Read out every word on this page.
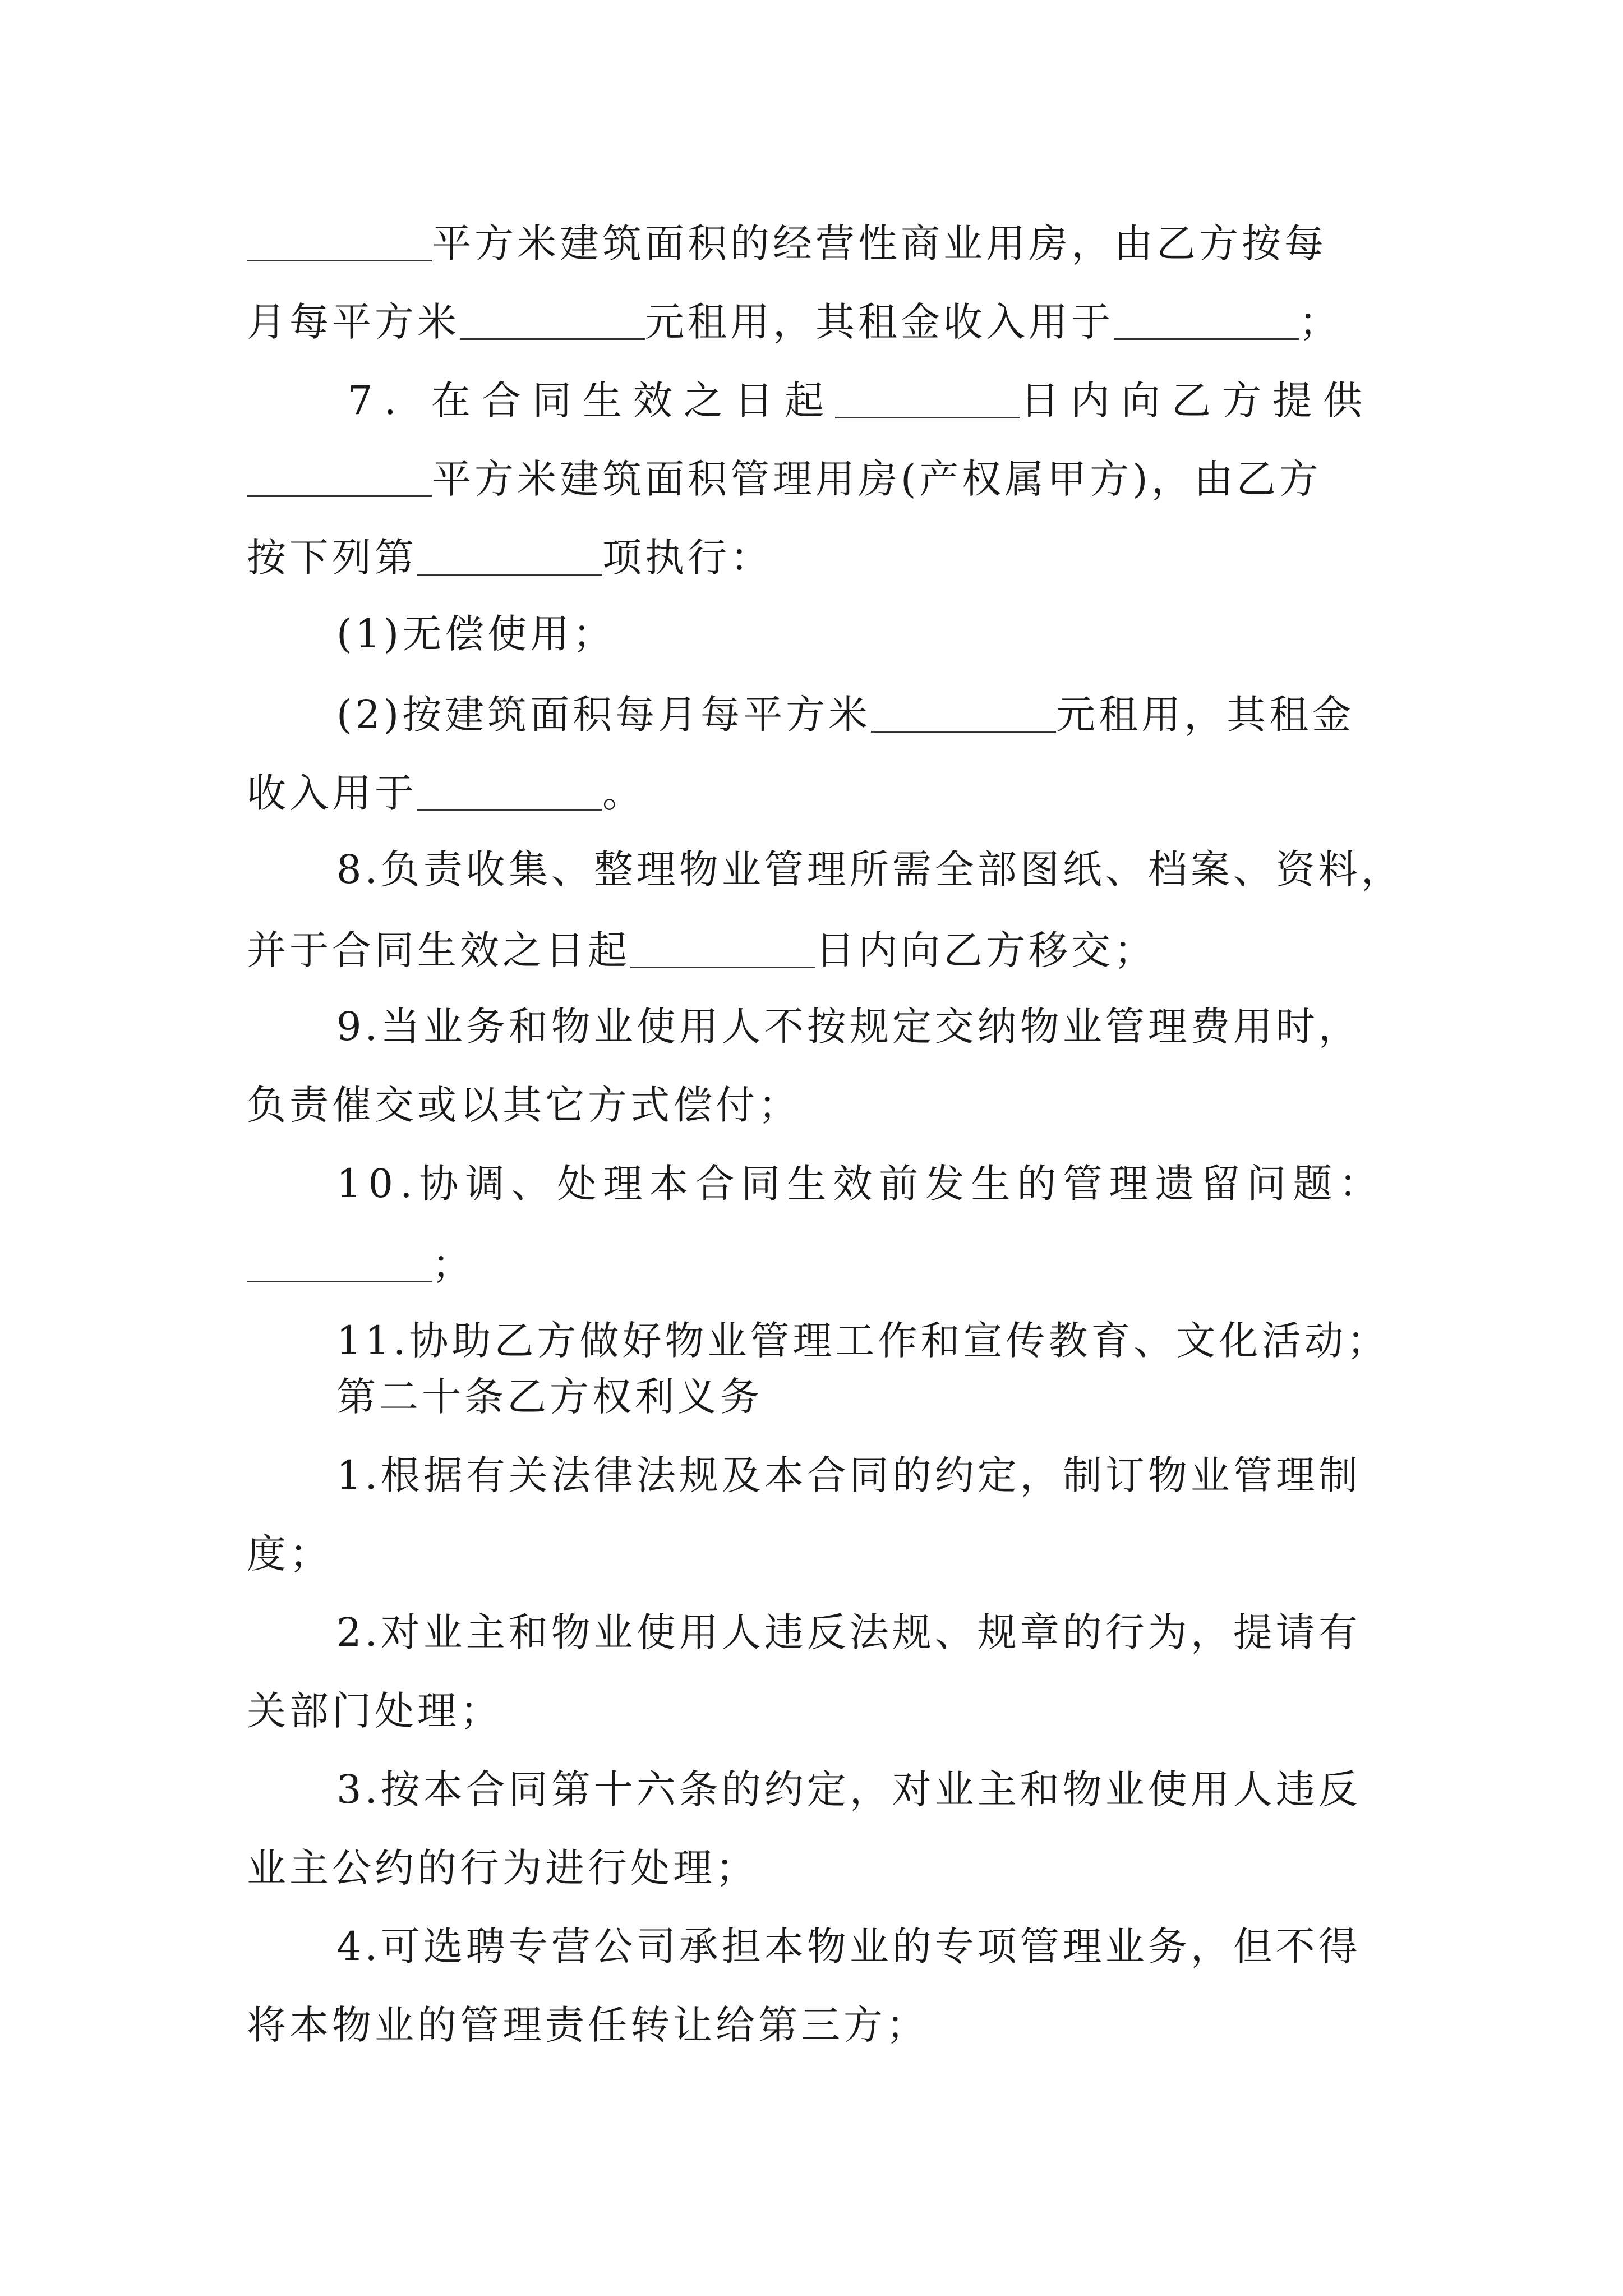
平方米建筑面积的经营性商业用房，由乙方按每
月每平方米	元租用，其租金收入用于	；
7. 在合同生效之日起	日内向乙方提供
平方米建筑面积管理用房(产权属甲方)，由乙方
按下列第	项执行：
(1)无偿使用；
(2)按建筑面积每月每平方米	元租用，其租金
收入用于	。
8.负责收集、整理物业管理所需全部图纸、档案、资料，
并于合同生效之日起	日内向乙方移交；
9.当业务和物业使用人不按规定交纳物业管理费用时，
负责催交或以其它方式偿付；
10.协调、处理本合同生效前发生的管理遗留问题：
；
11.协助乙方做好物业管理工作和宣传教育、文化活动；
第二十条乙方权利义务
1.根据有关法律法规及本合同的约定，制订物业管理制
度；
2.对业主和物业使用人违反法规、规章的行为，提请有
关部门处理；
3.按本合同第十六条的约定，对业主和物业使用人违反
业主公约的行为进行处理；
4.可选聘专营公司承担本物业的专项管理业务，但不得
将本物业的管理责任转让给第三方；
